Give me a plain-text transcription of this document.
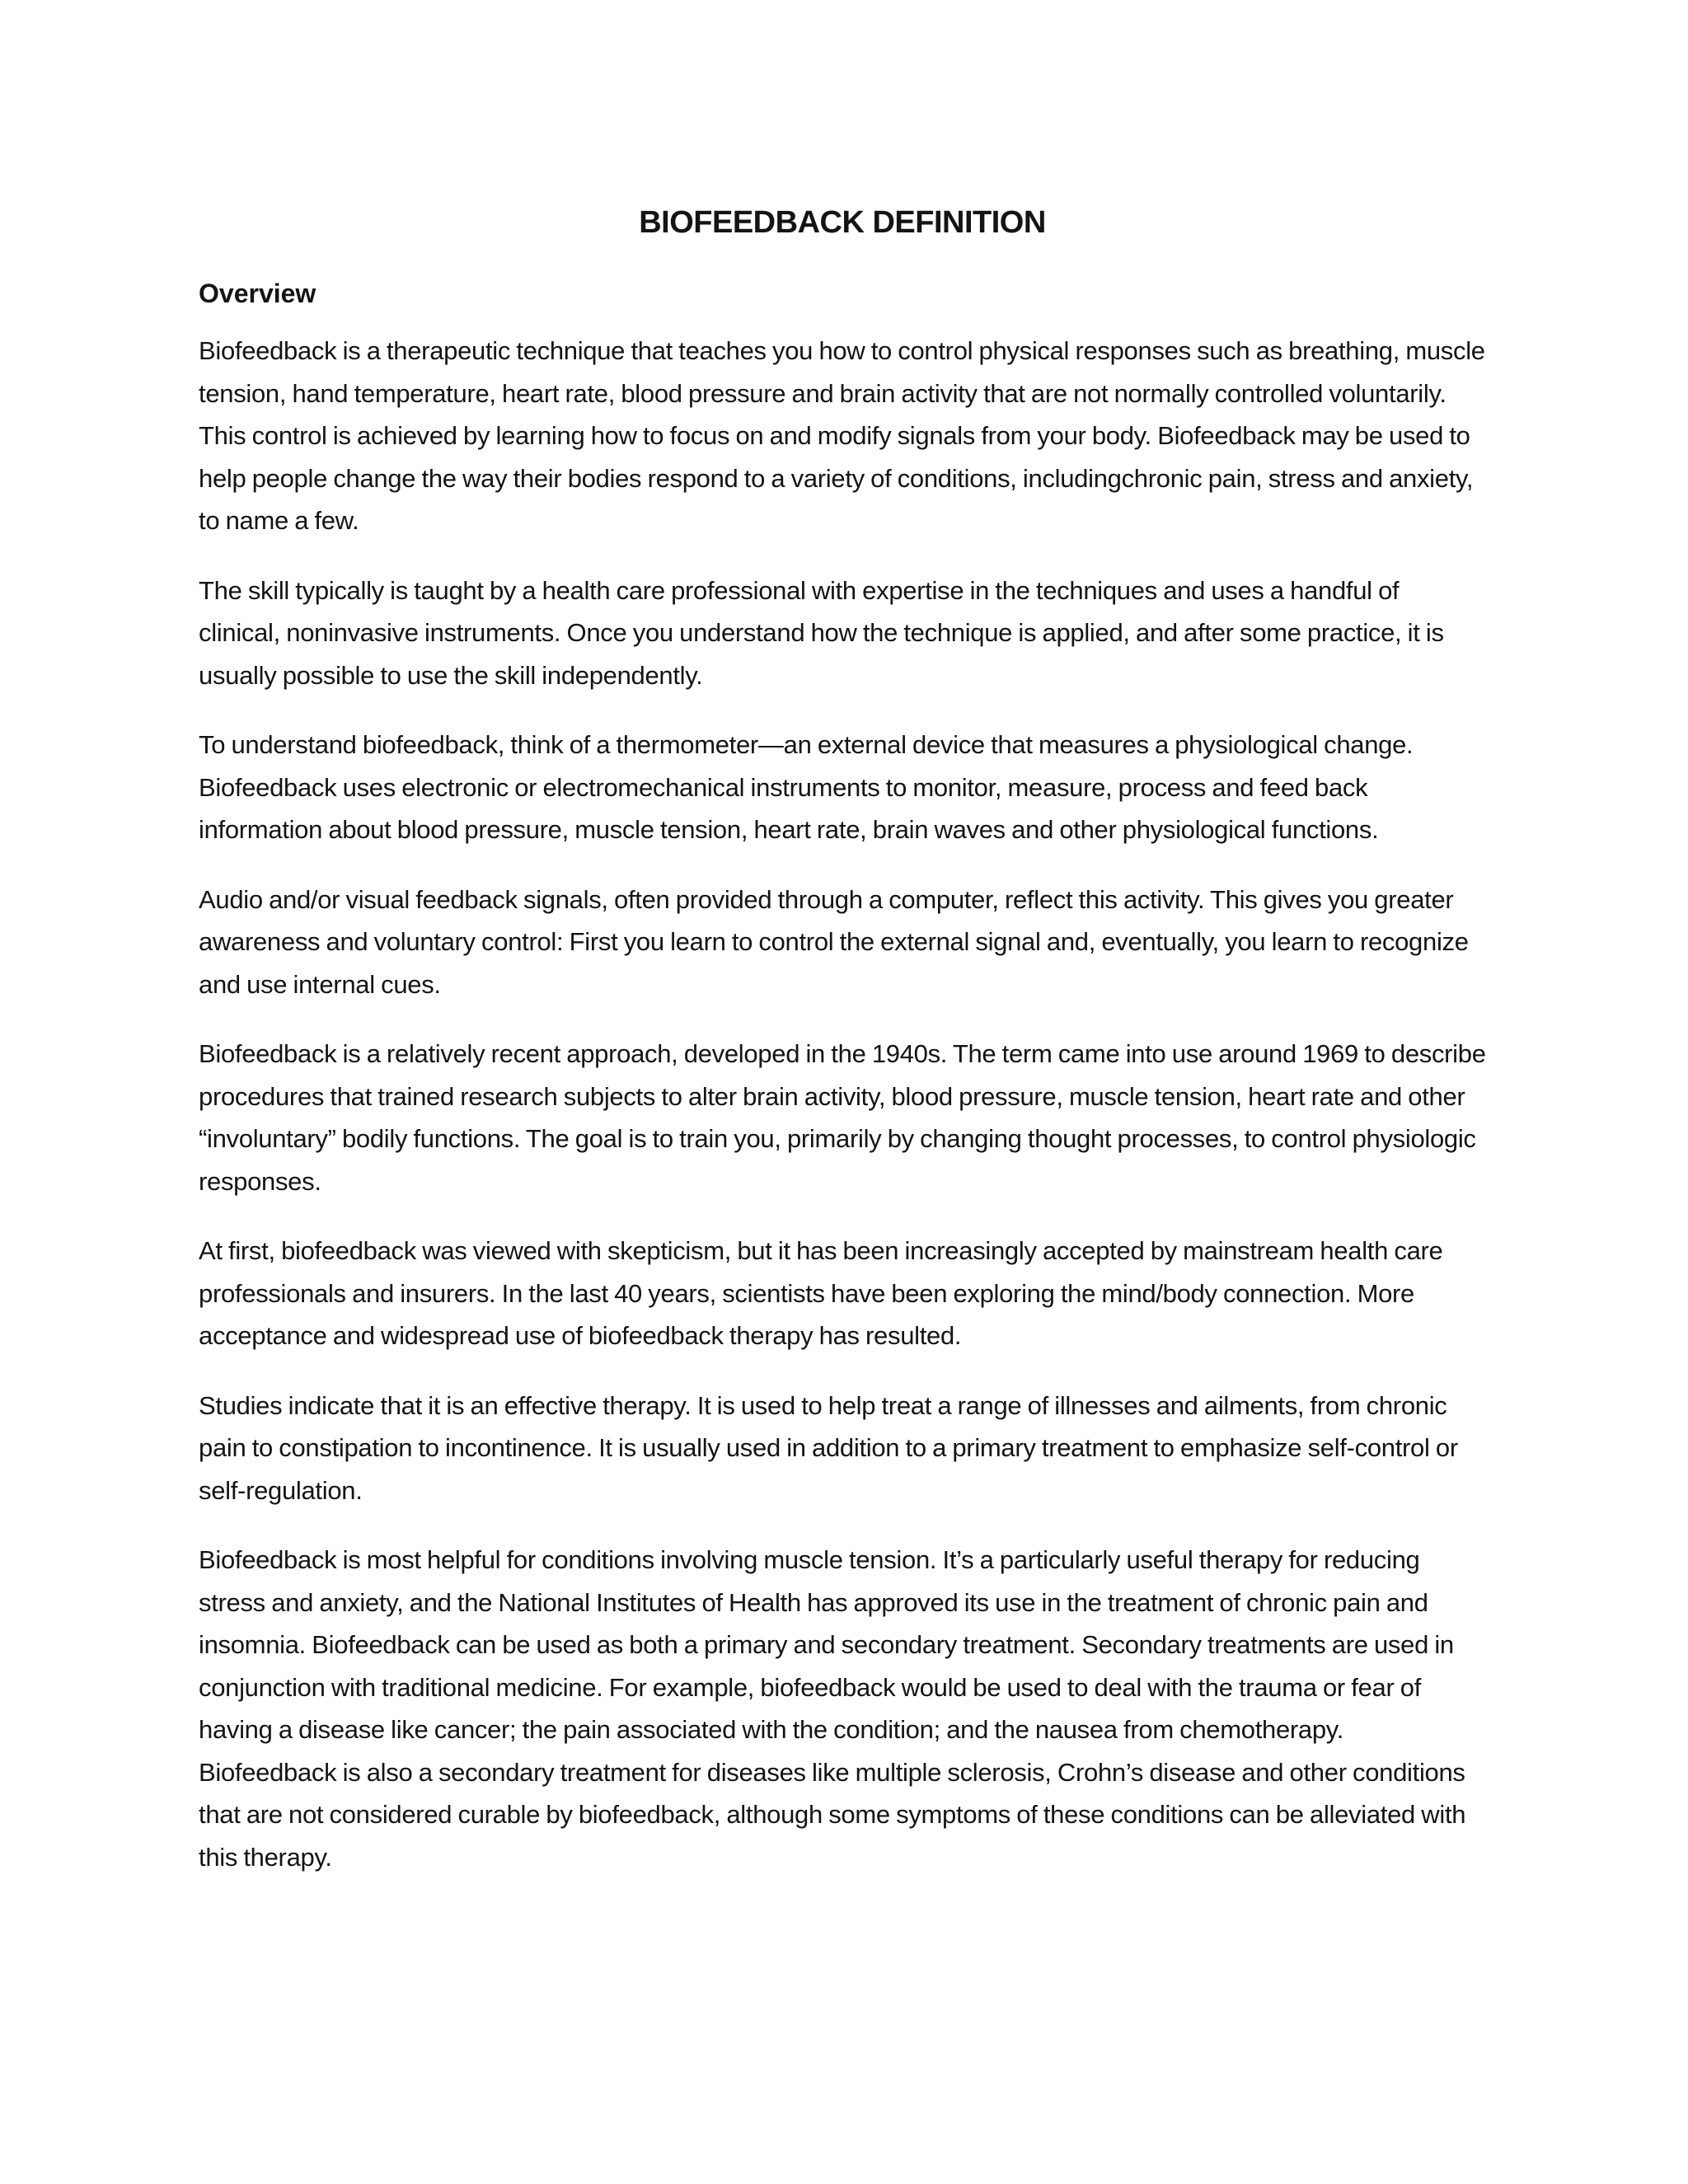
BIOFEEDBACK DEFINITION
Overview

Biofeedback is a therapeutic technique that teaches you how to control physical responses such as breathing, muscle tension, hand temperature, heart rate, blood pressure and brain activity that are not normally controlled voluntarily. This control is achieved by learning how to focus on and modify signals from your body. Biofeedback may be used to help people change the way their bodies respond to a variety of conditions, includingchronic pain, stress and anxiety, to name a few.

The skill typically is taught by a health care professional with expertise in the techniques and uses a handful of clinical, noninvasive instruments. Once you understand how the technique is applied, and after some practice, it is usually possible to use the skill independently.

To understand biofeedback, think of a thermometer—an external device that measures a physiological change. Biofeedback uses electronic or electromechanical instruments to monitor, measure, process and feed back information about blood pressure, muscle tension, heart rate, brain waves and other physiological functions.

Audio and/or visual feedback signals, often provided through a computer, reflect this activity. This gives you greater awareness and voluntary control: First you learn to control the external signal and, eventually, you learn to recognize and use internal cues.

Biofeedback is a relatively recent approach, developed in the 1940s. The term came into use around 1969 to describe procedures that trained research subjects to alter brain activity, blood pressure, muscle tension, heart rate and other “involuntary” bodily functions. The goal is to train you, primarily by changing thought processes, to control physiologic responses.

At first, biofeedback was viewed with skepticism, but it has been increasingly accepted by mainstream health care professionals and insurers. In the last 40 years, scientists have been exploring the mind/body connection. More acceptance and widespread use of biofeedback therapy has resulted.

Studies indicate that it is an effective therapy. It is used to help treat a range of illnesses and ailments, from chronic pain to constipation to incontinence. It is usually used in addition to a primary treatment to emphasize self-control or self-regulation.

Biofeedback is most helpful for conditions involving muscle tension. It’s a particularly useful therapy for reducing stress and anxiety, and the National Institutes of Health has approved its use in the treatment of chronic pain and insomnia. Biofeedback can be used as both a primary and secondary treatment. Secondary treatments are used in conjunction with traditional medicine. For example, biofeedback would be used to deal with the trauma or fear of having a disease like cancer; the pain associated with the condition; and the nausea from chemotherapy. Biofeedback is also a secondary treatment for diseases like multiple sclerosis, Crohn’s disease and other conditions that are not considered curable by biofeedback, although some symptoms of these conditions can be alleviated with this therapy.
